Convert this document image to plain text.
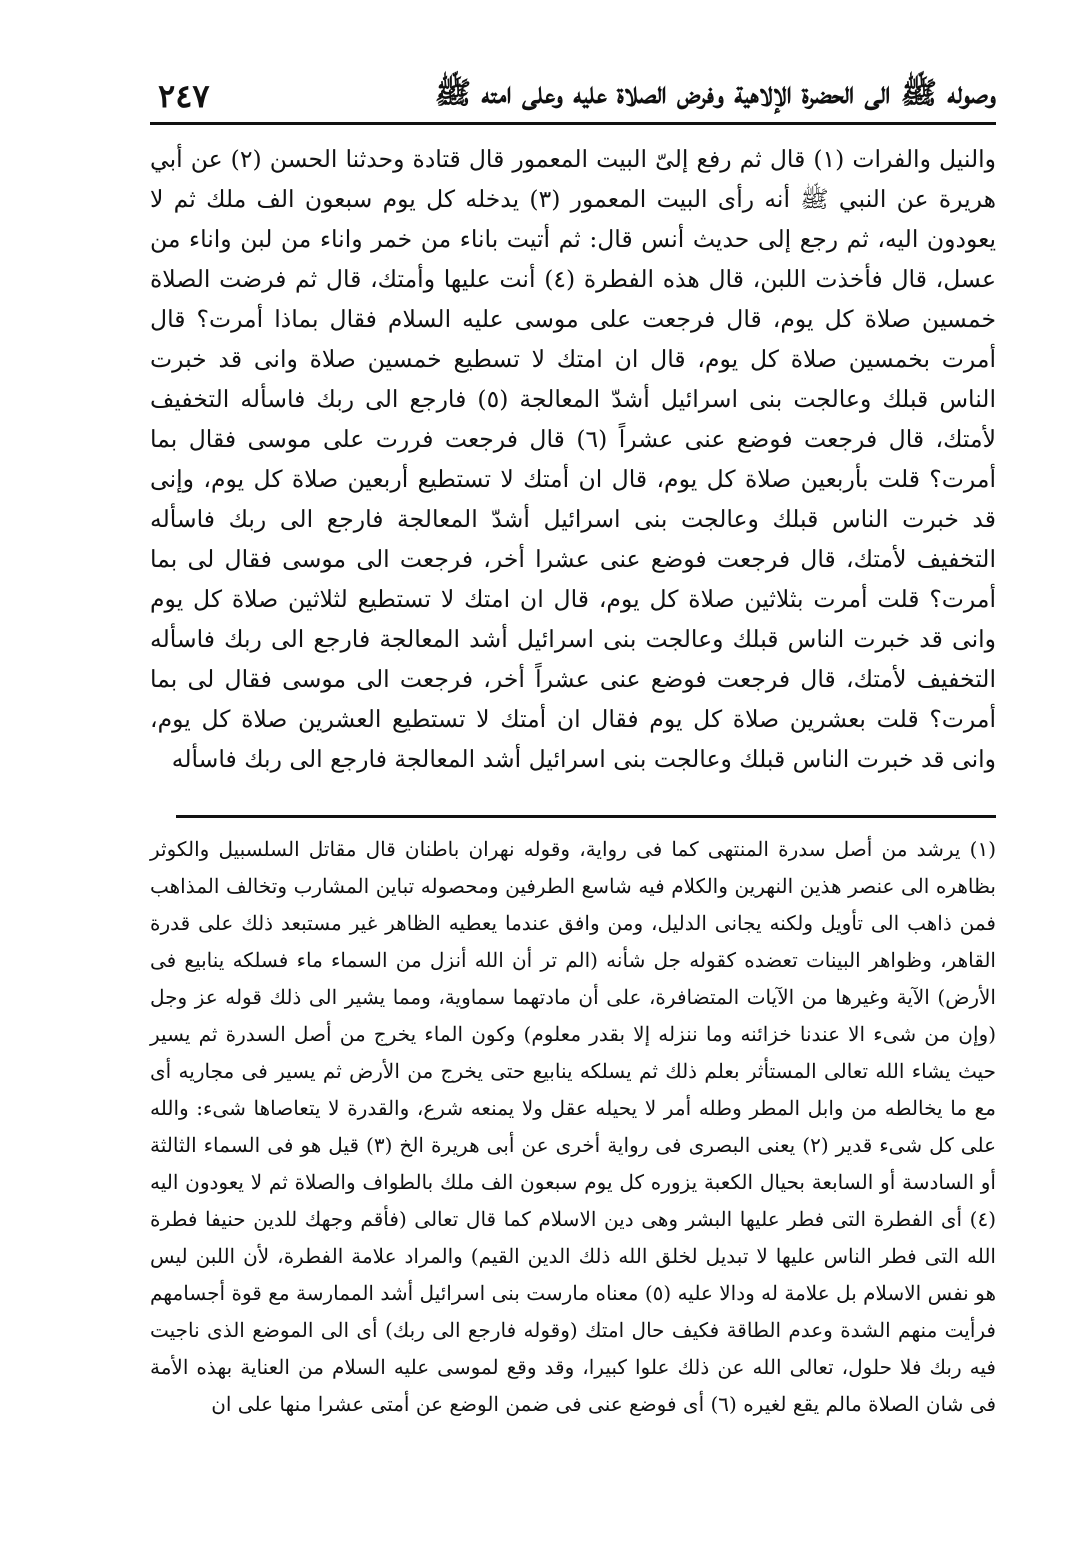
وصوله ﷺ الى الحضرة الإلاهية وفرض الصلاة عليه وعلى امته ﷺ
٢٤٧

والنيل والفرات (١) قال ثم رفع إلىّ البيت المعمور قال قتادة وحدثنا الحسن (٢) عن أبي هريرة عن النبي ﷺ أنه رأى البيت المعمور (٣) يدخله كل يوم سبعون الف ملك ثم لا يعودون اليه، ثم رجع إلى حديث أنس قال: ثم أتيت باناء من خمر واناء من لبن واناء من عسل، قال فأخذت اللبن، قال هذه الفطرة (٤) أنت عليها وأمتك، قال ثم فرضت الصلاة خمسين صلاة كل يوم، قال فرجعت على موسى عليه السلام فقال بماذا أمرت؟ قال أمرت بخمسين صلاة كل يوم، قال ان امتك لا تسطيع خمسين صلاة وانى قد خبرت الناس قبلك وعالجت بنى اسرائيل أشدّ المعالجة (٥) فارجع الى ربك فاسأله التخفيف لأمتك، قال فرجعت فوضع عنى عشراً (٦) قال فرجعت فررت على موسى فقال بما أمرت؟ قلت بأربعين صلاة كل يوم، قال ان أمتك لا تستطيع أربعين صلاة كل يوم، وإنى قد خبرت الناس قبلك وعالجت بنى اسرائيل أشدّ المعالجة فارجع الى ربك فاسأله التخفيف لأمتك، قال فرجعت فوضع عنى عشرا أخر، فرجعت الى موسى فقال لى بما أمرت؟ قلت أمرت بثلاثين صلاة كل يوم، قال ان امتك لا تستطيع لثلاثين صلاة كل يوم وانى قد خبرت الناس قبلك وعالجت بنى اسرائيل أشد المعالجة فارجع الى ربك فاسأله التخفيف لأمتك، قال فرجعت فوضع عنى عشراً أخر، فرجعت الى موسى فقال لى بما أمرت؟ قلت بعشرين صلاة كل يوم فقال ان أمتك لا تستطيع العشرين صلاة كل يوم، وانى قد خبرت الناس قبلك وعالجت بنى اسرائيل أشد المعالجة فارجع الى ربك فاسأله

(١) يرشد من أصل سدرة المنتهى كما فى رواية، وقوله نهران باطنان قال مقاتل السلسبيل والكوثر بظاهره الى عنصر هذين النهرين والكلام فيه شاسع الطرفين ومحصوله تباين المشارب وتخالف المذاهب فمن ذاهب الى تأويل ولكنه يجانى الدليل، ومن وافق عندما يعطيه الظاهر غير مستبعد ذلك على قدرة القاهر، وظواهر البينات تعضده كقوله جل شأنه (الم تر أن الله أنزل من السماء ماء فسلكه ينابيع فى الأرض) الآية وغيرها من الآيات المتضافرة، على أن مادتهما سماوية، ومما يشير الى ذلك قوله عز وجل (وإن من شىء الا عندنا خزائنه وما ننزله إلا بقدر معلوم) وكون الماء يخرج من أصل السدرة ثم يسير حيث يشاء الله تعالى المستأثر بعلم ذلك ثم يسلكه ينابيع حتى يخرج من الأرض ثم يسير فى مجاريه أى مع ما يخالطه من وابل المطر وطله أمر لا يحيله عقل ولا يمنعه شرع، والقدرة لا يتعاصاها شىء: والله على كل شىء قدير (٢) يعنى البصرى فى رواية أخرى عن أبى هريرة الخ (٣) قيل هو فى السماء الثالثة أو السادسة أو السابعة بحيال الكعبة يزوره كل يوم سبعون الف ملك بالطواف والصلاة ثم لا يعودون اليه (٤) أى الفطرة التى فطر عليها البشر وهى دين الاسلام كما قال تعالى (فأقم وجهك للدين حنيفا فطرة الله التى فطر الناس عليها لا تبديل لخلق الله ذلك الدين القيم) والمراد علامة الفطرة، لأن اللبن ليس هو نفس الاسلام بل علامة له ودالا عليه (٥) معناه مارست بنى اسرائيل أشد الممارسة مع قوة أجسامهم فرأيت منهم الشدة وعدم الطاقة فكيف حال امتك (وقوله فارجع الى ربك) أى الى الموضع الذى ناجيت فيه ربك فلا حلول، تعالى الله عن ذلك علوا كبيرا، وقد وقع لموسى عليه السلام من العناية بهذه الأمة فى شان الصلاة مالم يقع لغيره (٦) أى فوضع عنى فى ضمن الوضع عن أمتى عشرا منها على ان
